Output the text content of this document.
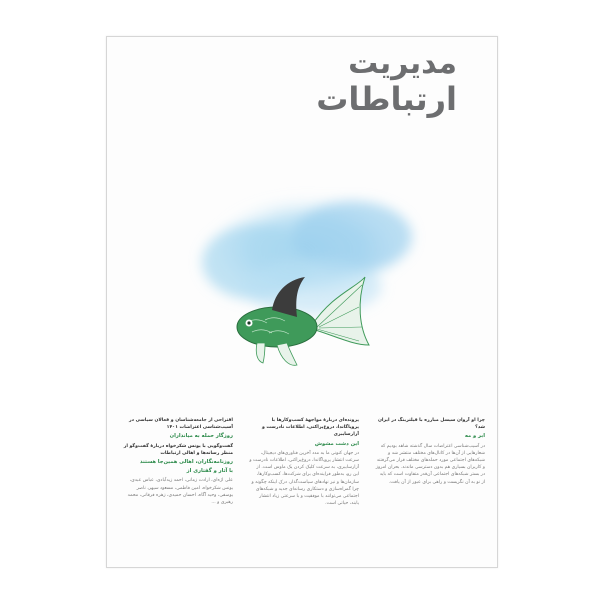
مدیریت
ارتباطات
چرا او آروان سیسل مبارزه با فیلترینگ در ایران شد؟
ابر و مه

در آسیب‌شناسی اعتراضات سال گذشته شاهد بودیم که شعارهایی از آن‌ها در کانال‌های مختلف منتشر شد و شبکه‌های اجتماعی مورد حمله‌های مختلف قرار می‌گرفتند و کاربران بسیاری هم بدون دسترسی ماندند. بحران امروز در بستر شبکه‌های اجتماعی آن‌قدر متفاوت است که باید از نو به آن نگریست و راهی برای عبور از آن یافت.

پرونده‌ای دربارهٔ مواجههٔ کسب‌وکارها با پروپاگاندا، دروغ‌پراکنی، اطلاعات نادرست و آزارسایبری
این دشت مشوش

در جهان کنونی ما به مدد آخرین فناوری‌های دیجیتال، سرعت انتشار پروپاگاندا، دروغ‌پراکنی، اطلاعات نادرست و آزارسایبری، به سرعت کلیک کردن یک ماوس است. از این رو، به‌طور فزاینده‌ای برای شرکت‌ها، کسب‌وکارها، سازمان‌ها و نیز نهادهای سیاست‌گذار، درک اینکه چگونه و چرا گمراه‌سازی و دستکاری رسانه‌ای جدید و شبکه‌های اجتماعی می‌توانند با موفقیت و با سرعتی زیاد انتشار یابند، حیاتی است.

اقتراحی از جامعه‌شناسان و فعالان سیاسی در آسیب‌شناسی اعتراضات ۱۴۰۱
روزگار حمله به میانداران
گفت‌وگویی با یونس شکرخواه دربارهٔ گفت‌وگو از منظر رسانه‌ها و اهالی ارتباطات
روزنامه‌نگاران، اهالی همین‌جا هستند
با آثار و گفتاری از

علی اژه‌ای، ارادت زمانی، احمد زیدآبادی، عباس عبدی، یونس شکرخواه، امین فاطمی، مسعود سپهر، ناصر یوسفی، وحید آگاه، احسان حمیدی، زهره فرقانی، محمد رهبری و ...
